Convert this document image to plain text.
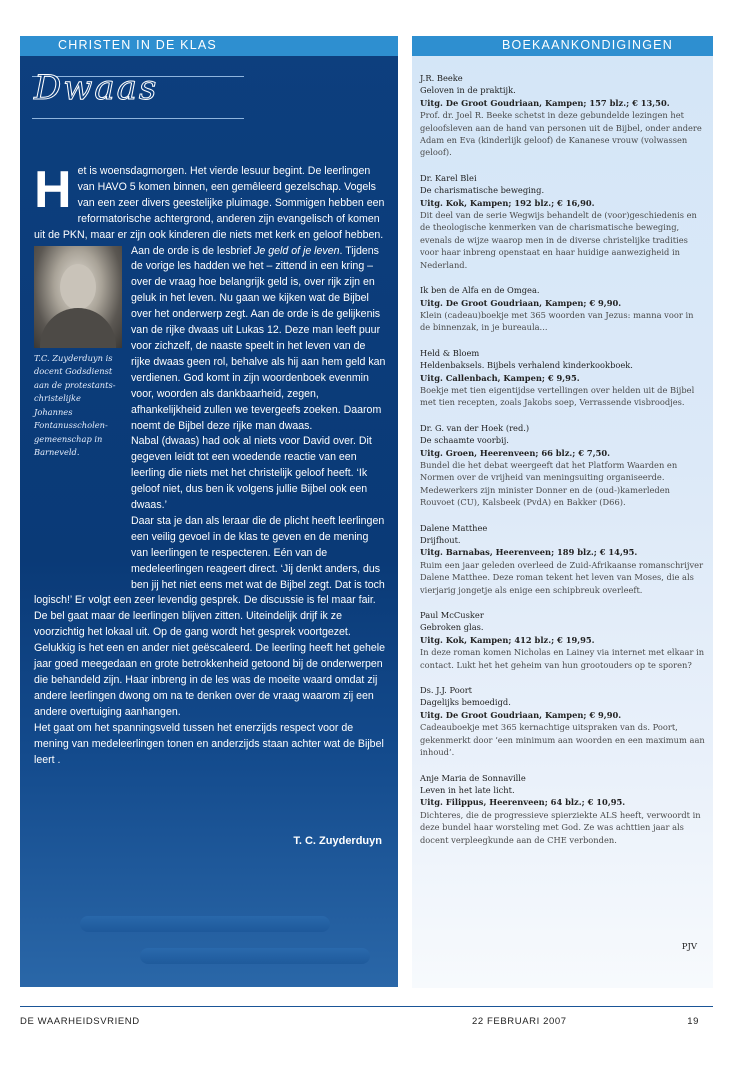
CHRISTEN IN DE KLAS
Dwaas

H et is woensdagmorgen. Het vierde lesuur begint. De leerlingen van HAVO 5 komen binnen, een gemêleerd gezelschap. Vogels van een zeer divers geestelijke pluimage. Sommigen hebben een reformatorische achtergrond, anderen zijn evangelisch of komen uit de PKN, maar er zijn ook kinderen die niets met kerk en geloof hebben.

T.C. Zuyderduyn is docent Godsdienst aan de protestants-christelijke Johannes Fontanusscholen-gemeenschap in Barneveld.

Aan de orde is de lesbrief Je geld of je leven. Tijdens de vorige les hadden we het – zittend in een kring – over de vraag hoe belangrijk geld is, over rijk zijn en geluk in het leven. Nu gaan we kijken wat de Bijbel over het onderwerp zegt. Aan de orde is de gelijkenis van de rijke dwaas uit Lukas 12. Deze man leeft puur voor zichzelf, de naaste speelt in het leven van de rijke dwaas geen rol, behalve als hij aan hem geld kan verdienen. God komt in zijn woordenboek evenmin voor, woorden als dankbaarheid, zegen, afhankelijkheid zullen we tevergeefs zoeken. Daarom noemt de Bijbel deze rijke man dwaas.

Nabal (dwaas) had ook al niets voor David over. Dit gegeven leidt tot een woedende reactie van een leerling die niets met het christelijk geloof heeft. ‘Ik geloof niet, dus ben ik volgens jullie Bijbel ook een dwaas.’

Daar sta je dan als leraar die de plicht heeft leerlingen een veilig gevoel in de klas te geven en de mening van leerlingen te respecteren. Eén van de medeleerlingen reageert direct. ‘Jij denkt anders, dus ben jij het niet eens met wat de Bijbel zegt. Dat is toch logisch!’ Er volgt een zeer levendig gesprek. De discussie is fel maar fair.

De bel gaat maar de leerlingen blijven zitten. Uiteindelijk drijf ik ze voorzichtig het lokaal uit. Op de gang wordt het gesprek voortgezet.

Gelukkig is het een en ander niet geëscaleerd. De leerling heeft het gehele jaar goed meegedaan en grote betrokkenheid getoond bij de onderwerpen die behandeld zijn. Haar inbreng in de les was de moeite waard omdat zij andere leerlingen dwong om na te denken over de vraag waarom zij een andere overtuiging aanhangen.

Het gaat om het spanningsveld tussen het enerzijds respect voor de mening van medeleerlingen tonen en anderzijds staan achter wat de Bijbel leert .

T. C. Zuyderduyn
BOEKAANKONDIGINGEN
J.R. Beeke
Geloven in de praktijk.
Uitg. De Groot Goudriaan, Kampen; 157 blz.; € 13,50.
Prof. dr. Joel R. Beeke schetst in deze gebundelde lezingen het geloofsleven aan de hand van personen uit de Bijbel, onder andere Adam en Eva (kinderlijk geloof) de Kananese vrouw (volwassen geloof).
Dr. Karel Blei
De charismatische beweging.
Uitg. Kok, Kampen; 192 blz.; € 16,90.
Dit deel van de serie Wegwijs behandelt de (voor)geschiedenis en de theologische kenmerken van de charismatische beweging, evenals de wijze waarop men in de diverse christelijke tradities voor haar inbreng openstaat en haar huidige aanwezigheid in Nederland.
Ik ben de Alfa en de Omgea.
Uitg. De Groot Goudriaan, Kampen; € 9,90.
Klein (cadeau)boekje met 365 woorden van Jezus: manna voor in de binnenzak, in je bureaula...
Held & Bloem
Heldenbaksels. Bijbels verhalend kinderkookboek.
Uitg. Callenbach, Kampen; € 9,95.
Boekje met tien eigentijdse vertellingen over helden uit de Bijbel met tien recepten, zoals Jakobs soep, Verrassende visbroodjes.
Dr. G. van der Hoek (red.)
De schaamte voorbij.
Uitg. Groen, Heerenveen; 66 blz.; € 7,50.
Bundel die het debat weergeeft dat het Platform Waarden en Normen over de vrijheid van meningsuiting organiseerde. Medewerkers zijn minister Donner en de (oud-)kamerleden Rouvoet (CU), Kalsbeek (PvdA) en Bakker (D66).
Dalene Matthee
Drijfhout.
Uitg. Barnabas, Heerenveen; 189 blz.; € 14,95.
Ruim een jaar geleden overleed de Zuid-Afrikaanse romanschrijver Dalene Matthee. Deze roman tekent het leven van Moses, die als vierjarig jongetje als enige een schipbreuk overleeft.
Paul McCusker
Gebroken glas.
Uitg. Kok, Kampen; 412 blz.; € 19,95.
In deze roman komen Nicholas en Lainey via internet met elkaar in contact. Lukt het het geheim van hun grootouders op te sporen?
Ds. J.J. Poort
Dagelijks bemoedigd.
Uitg. De Groot Goudriaan, Kampen; € 9,90.
Cadeauboekje met 365 kernachtige uitspraken van ds. Poort, gekenmerkt door ‘een minimum aan woorden en een maximum aan inhoud’.
Anje Maria de Sonnaville
Leven in het late licht.
Uitg. Filippus, Heerenveen; 64 blz.; € 10,95.
Dichteres, die de progressieve spierziekte ALS heeft, verwoordt in deze bundel haar worsteling met God. Ze was achttien jaar als docent verpleegkunde aan de CHE verbonden.
PJV
DE WAARHEIDSVRIEND	22 FEBRUARI 2007	19
